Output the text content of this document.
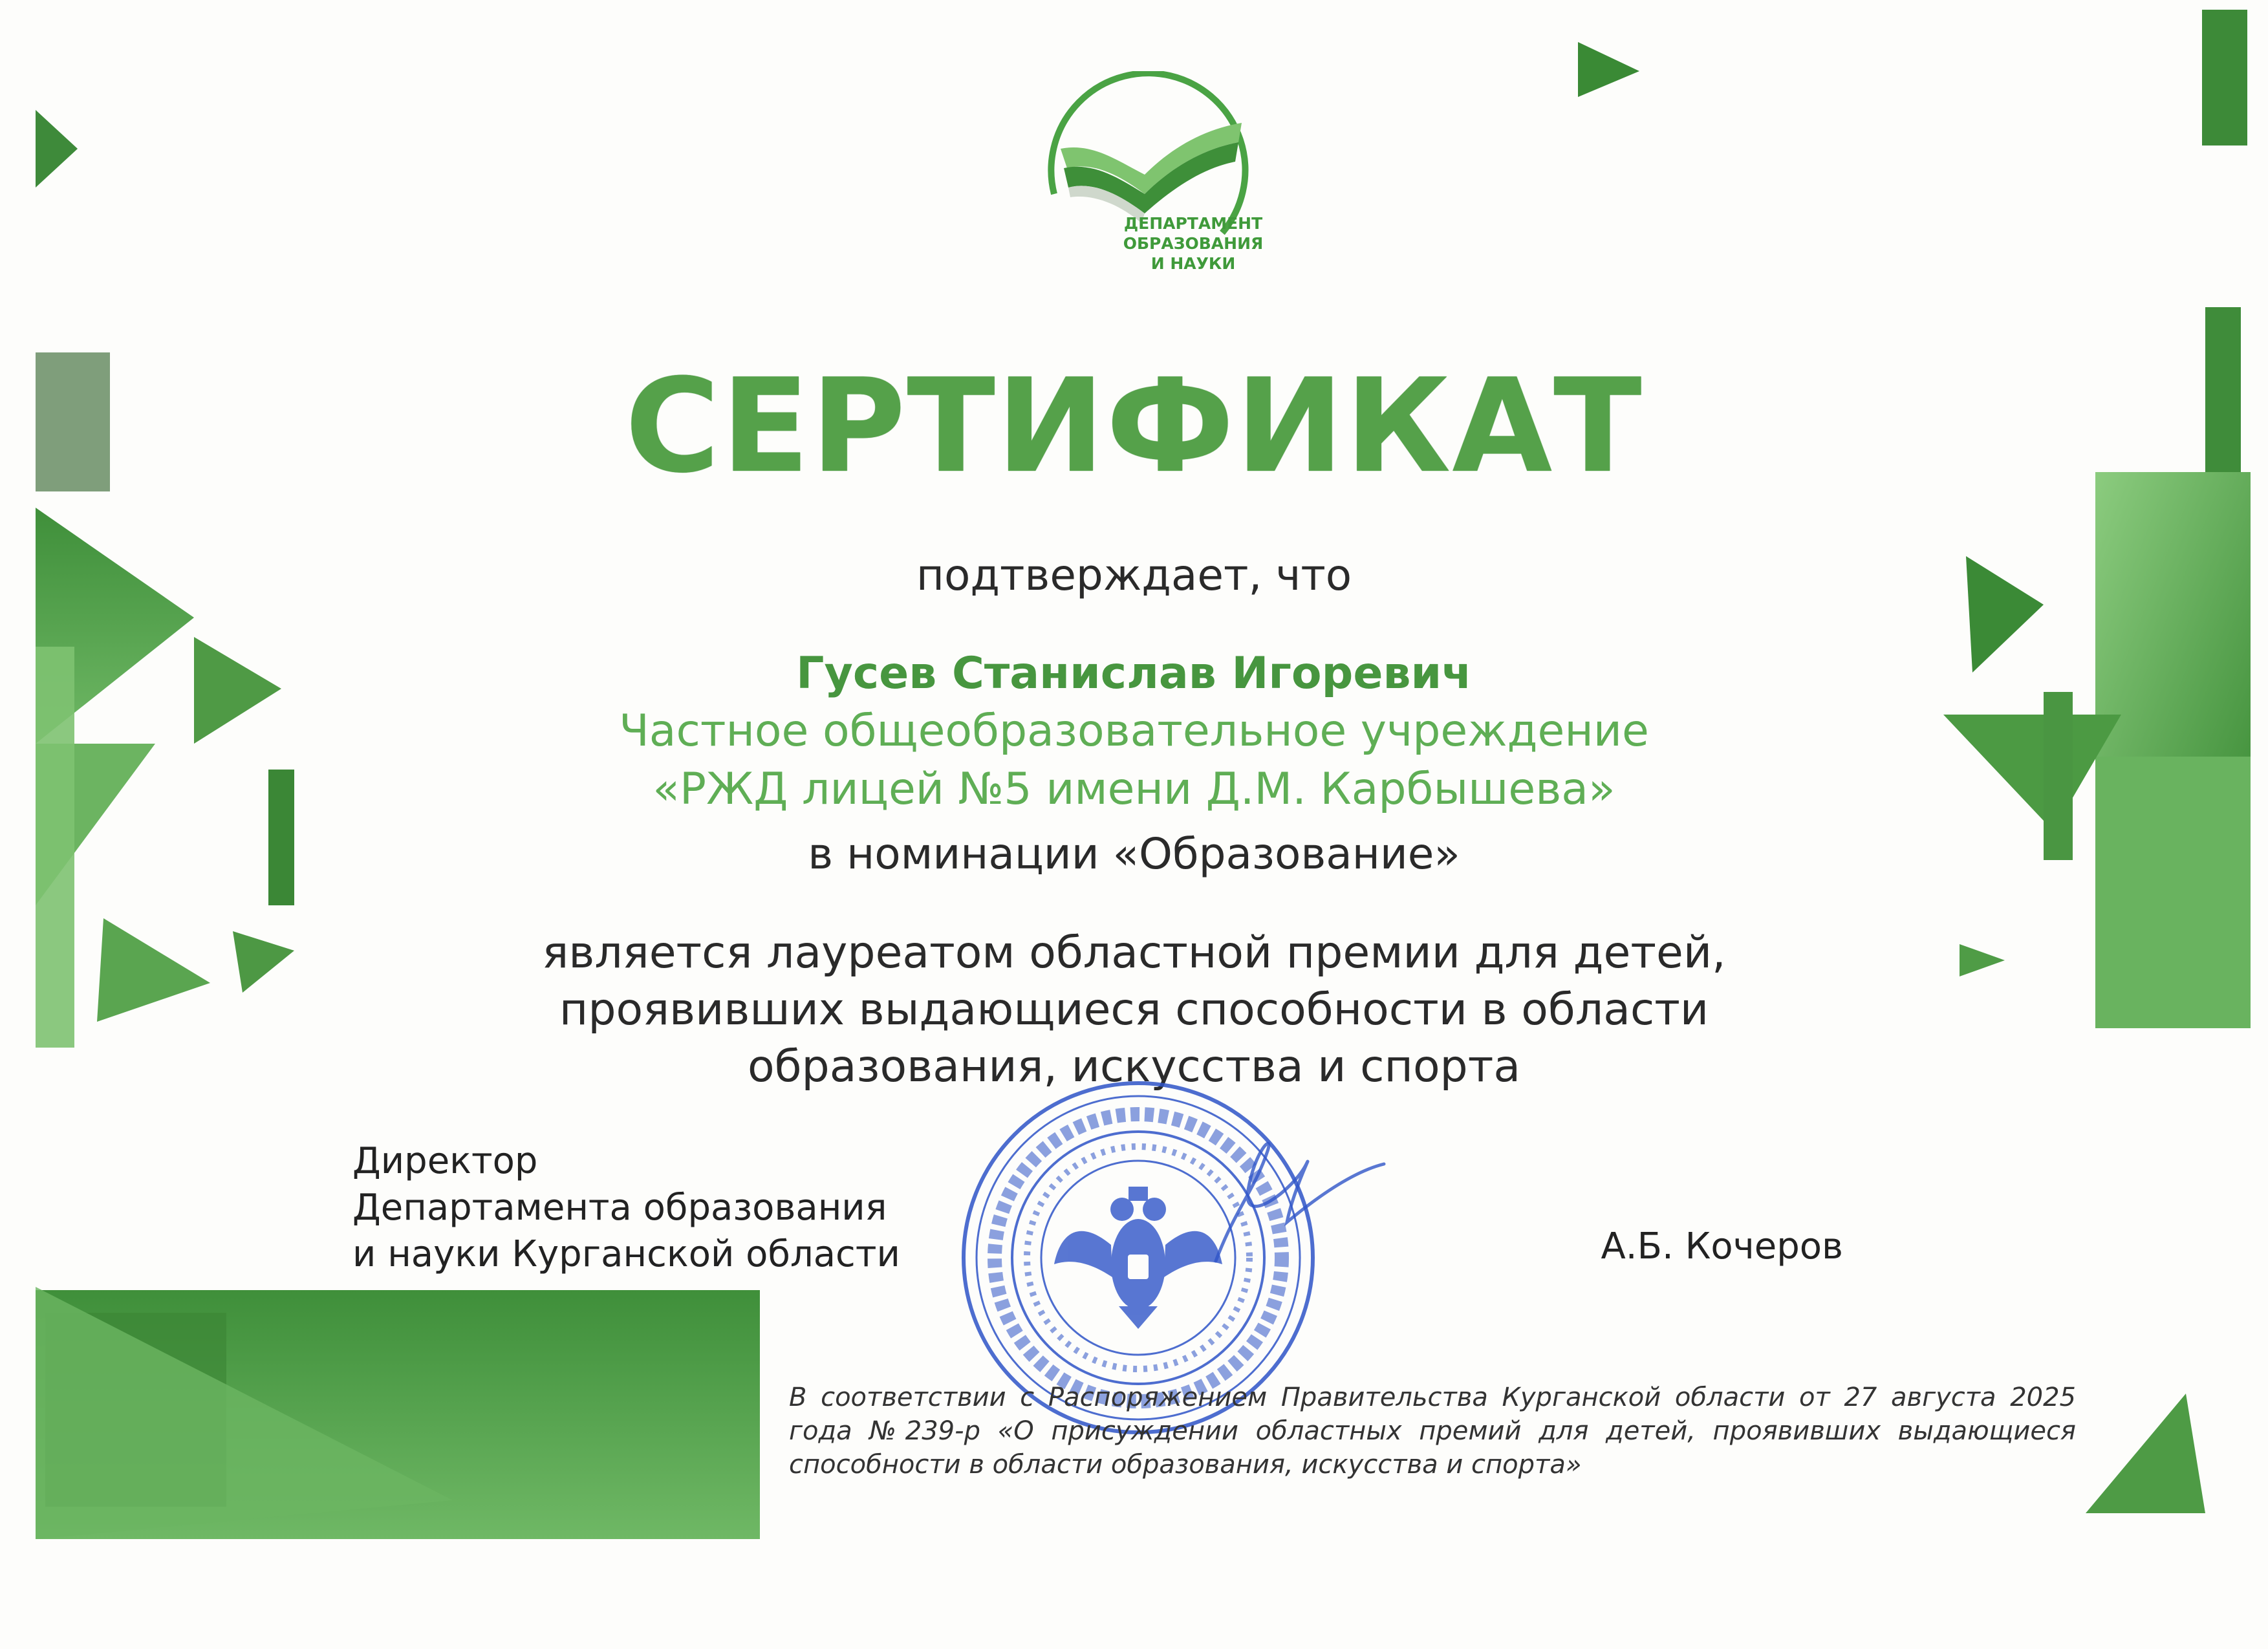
ДЕПАРТАМЕНТ
ОБРАЗОВАНИЯ
И НАУКИ
СЕРТИФИКАТ
подтверждает, что
Гусев Станислав Игоревич
Частное общеобразовательное учреждение
«РЖД лицей №5 имени Д.М. Карбышева»
в номинации «Образование»
является лауреатом областной премии для детей,
проявивших выдающиеся способности в области
образования, искусства и спорта
Директор
Департамента образования
и науки Курганской области	А.Б. Кочеров
В соответствии с Распоряжением Правительства Курганской области от 27 августа 2025 года №239-р «О присуждении областных премий для детей, проявивших выдающиеся способности в области образования, искусства и спорта»
